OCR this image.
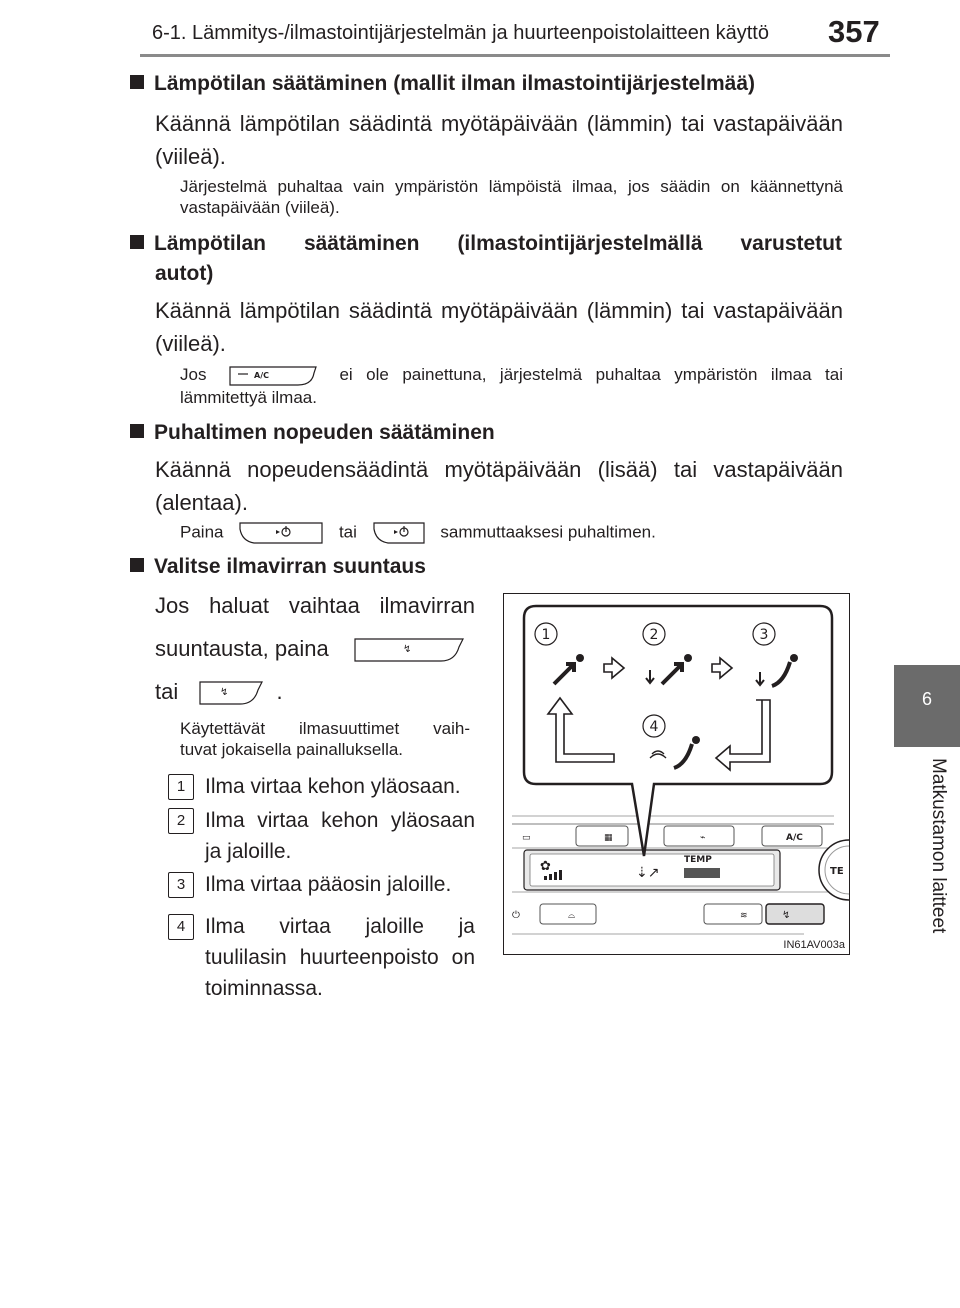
6-1. Lämmitys-/ilmastointijärjestelmän ja huurteenpoistolaitteen käyttö 357
6
Matkustamon laitteet
Lämpötilan säätäminen (mallit ilman ilmastointijärjestelmää)
Käännä lämpötilan säädintä myötäpäivään (lämmin) tai vastapäivään (viileä).
Järjestelmä puhaltaa vain ympäristön lämpöistä ilmaa, jos säädin on käännettynä vastapäivään (viileä).
Lämpötilan säätäminen (ilmastointijärjestelmällä varustetut
autot)
Käännä lämpötilan säädintä myötäpäivään (lämmin) tai vastapäivään (viileä).
Jos	A/C	ei ole painettuna, järjestelmä puhaltaa ympäristön ilmaa tai lämmitettyä ilmaa.
Puhaltimen nopeuden säätäminen
Käännä nopeudensäädintä myötäpäivään (lisää) tai vastapäivään (alentaa).
Paina	tai	sammuttaaksesi puhaltimen.
Valitse ilmavirran suuntaus
Jos haluat vaihtaa ilmavirran
suuntausta, paina	↯
tai	↯ .
Käytettävät ilmasuuttimet vaih-
tuvat jokaisella painalluksella.
1 Ilma virtaa kehon yläosaan.
2 Ilma virtaa kehon yläosaan ja jaloille.
3 Ilma virtaa pääosin jaloille.
4 Ilma virtaa jaloille ja tuulilasin huurteenpoisto on toiminnassa.
▭	▦	⌁	A/C
✿	TEMP
⇣↗	TE
⏻	⌓	≋	↯
1	2	3
4
IN61AV003a
